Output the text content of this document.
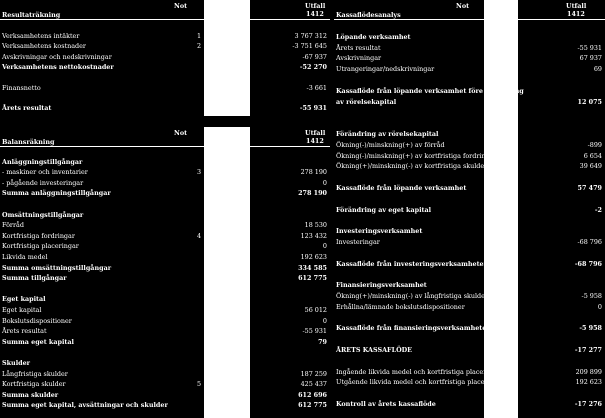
Not	Utfall
1412
Resultaträkning
Verksamhetens intäkter	1	3 767 312
Verksamhetens kostnader	2	-3 751 645
Avskrivningar och nedskrivningar	-67 937
Verksamhetens nettokostnader	-52 270
Finansnetto	-3 661
Årets resultat	-55 931
Not	Utfall
1412
Balansräkning
Anläggningstillgångar
- maskiner och inventarier	3	278 190
- pågående investeringar	0
Summa anläggningstillgångar	278 190
Omsättningstillgångar
Förråd	18 530
Kortfristiga fordringar	4	123 432
Kortfristiga placeringar	0
Likvida medel	192 623
Summa omsättningstillgångar	334 585
Summa tillgångar	612 775
Eget kapital
Eget kapital	56 012
Bokslutsdispositioner	0
Årets resultat	-55 931
Summa eget kapital	79
Skulder
Långfristiga skulder	187 259
Kortfristiga skulder	5	425 437
Summa skulder	612 696
Summa eget kapital, avsättningar och skulder	612 775
Not	Utfall
1412
Kassaflödesanalys
Löpande verksamhet
Årets resultat	-55 931
Avskrivningar	67 937
Utrangeringar/nedskrivningar	69
Kassaflöde från löpande verksamhet före förändring
av rörelsekapital	12 075
Förändring av rörelsekapital
Ökning(-)/minskning(+) av förråd	-899
Ökning(-)/minskning(+) av kortfristiga fordringar	6 654
Ökning(+)/minskning(-) av kortfristiga skulder	39 649
Kassaflöde från löpande verksamhet	57 479
Förändring av eget kapital	-2
Investeringsverksamhet
Investeringar	-68 796
Kassaflöde från investeringsverksamheten	-68 796
Finansieringsverksamhet
Ökning(+)/minskning(-) av långfristiga skulder	-5 958
Erhållna/lämnade bokslutsdispositioner	0
Kassaflöde från finansieringsverksamheten	-5 958
ÅRETS KASSAFLÖDE	-17 277
Ingående likvida medel och kortfristiga placeringar	209 899
Utgående likvida medel och kortfristiga placeringar	192 623
Kontroll av årets kassaflöde	-17 276
